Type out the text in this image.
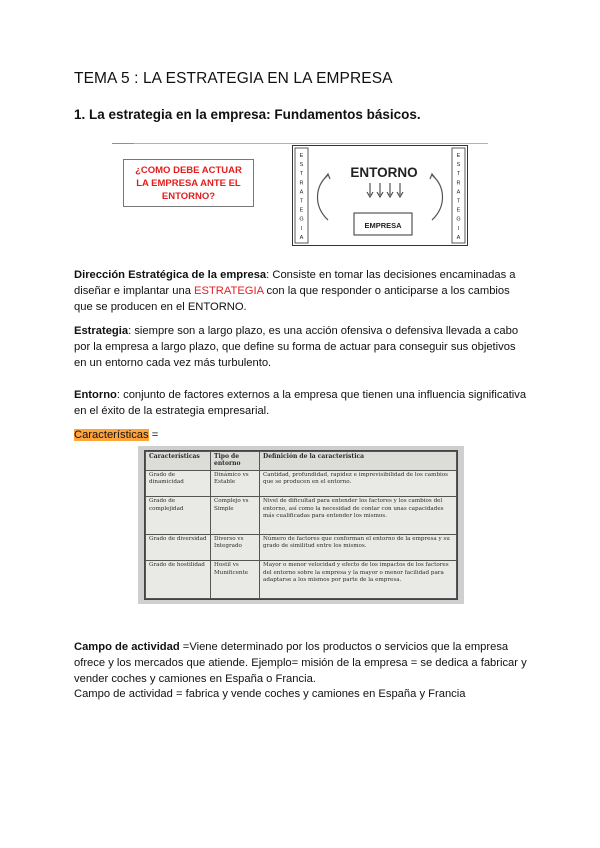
TEMA 5 : LA ESTRATEGIA EN LA EMPRESA
1. La estrategia en la empresa: Fundamentos básicos.
¿COMO DEBE ACTUAR LA EMPRESA ANTE EL ENTORNO?
E
S
T
R
A
T
E
G
I
A
E
S
T
R
A
T
E
G
I
A
ENTORNO
EMPRESA

Dirección Estratégica de la empresa: Consiste en tomar las decisiones encaminadas a diseñar e implantar una ESTRATEGIA con la que responder o anticiparse a los cambios que se producen en el ENTORNO.

Estrategia: siempre son a largo plazo, es una acción ofensiva o defensiva llevada a cabo por la empresa a largo plazo, que define su forma de actuar para conseguir sus objetivos en un entorno cada vez más turbulento.

Entorno: conjunto de factores externos a la empresa que tienen una influencia significativa en el éxito de la estrategia empresarial.

Características =

Características	Tipo de entorno	Definición de la característica
Grado de dinamicidad	Dinámico vs Estable	Cantidad, profundidad, rapidez e imprevisibilidad de los cambios que se producen en el entorno.
Grado de complejidad	Complejo vs Simple	Nivel de dificultad para entender los factores y los cambios del entorno, así como la necesidad de contar con unas capacidades más cualificadas para entender los mismos.
Grado de diversidad	Diverso vs Integrado	Número de factores que conforman el entorno de la empresa y su grado de similitud entre los mismos.
Grado de hostilidad	Hostil vs Munificente	Mayor o menor velocidad y efecto de los impactos de los factores del entorno sobre la empresa y la mayor o menor facilidad para adaptarse a los mismos por parte de la empresa.

Campo de actividad =Viene determinado por los productos o servicios que la empresa ofrece y los mercados que atiende. Ejemplo= misión de la empresa = se dedica a fabricar y vender coches y camiones en España o Francia.
Campo de actividad = fabrica y vende coches y camiones en España y Francia
